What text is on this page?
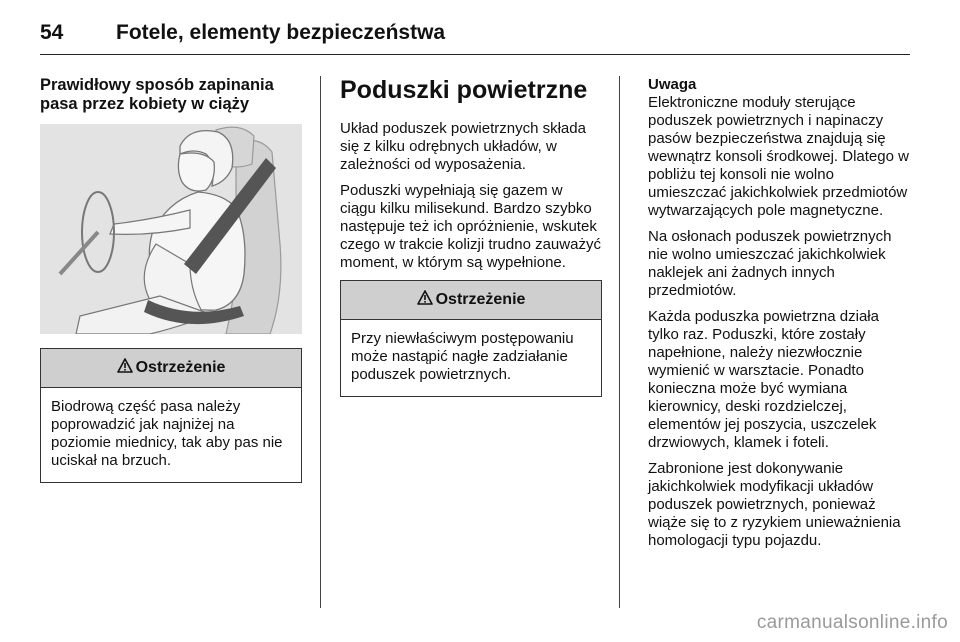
54	Fotele, elementy bezpieczeństwa
Prawidłowy sposób zapinania pasa przez kobiety w ciąży
Ostrzeżenie
Biodrową część pasa należy poprowadzić jak najniżej na poziomie miednicy, tak aby pas nie uciskał na brzuch.
Poduszki powietrzne

Układ poduszek powietrznych składa się z kilku odrębnych układów, w zależności od wyposażenia.

Poduszki wypełniają się gazem w ciągu kilku milisekund. Bardzo szybko następuje też ich opróżnienie, wskutek czego w trakcie kolizji trudno zauważyć moment, w którym są wypełnione.

Ostrzeżenie
Przy niewłaściwym postępowaniu może nastąpić nagłe zadziałanie poduszek powietrznych.
Uwaga

Elektroniczne moduły sterujące poduszek powietrznych i napinaczy pasów bezpieczeństwa znajdują się wewnątrz konsoli środkowej. Dlatego w pobliżu tej konsoli nie wolno umieszczać jakichkolwiek przedmiotów wytwarzających pole magnetyczne.

Na osłonach poduszek powietrznych nie wolno umieszczać jakichkolwiek naklejek ani żadnych innych przedmiotów.

Każda poduszka powietrzna działa tylko raz. Poduszki, które zostały napełnione, należy niezwłocznie wymienić w warsztacie. Ponadto konieczna może być wymiana kierownicy, deski rozdzielczej, elementów jej poszycia, uszczelek drzwiowych, klamek i foteli.

Zabronione jest dokonywanie jakichkolwiek modyfikacji układów poduszek powietrznych, ponieważ wiąże się to z ryzykiem unieważnienia homologacji typu pojazdu.

carmanualsonline.info
